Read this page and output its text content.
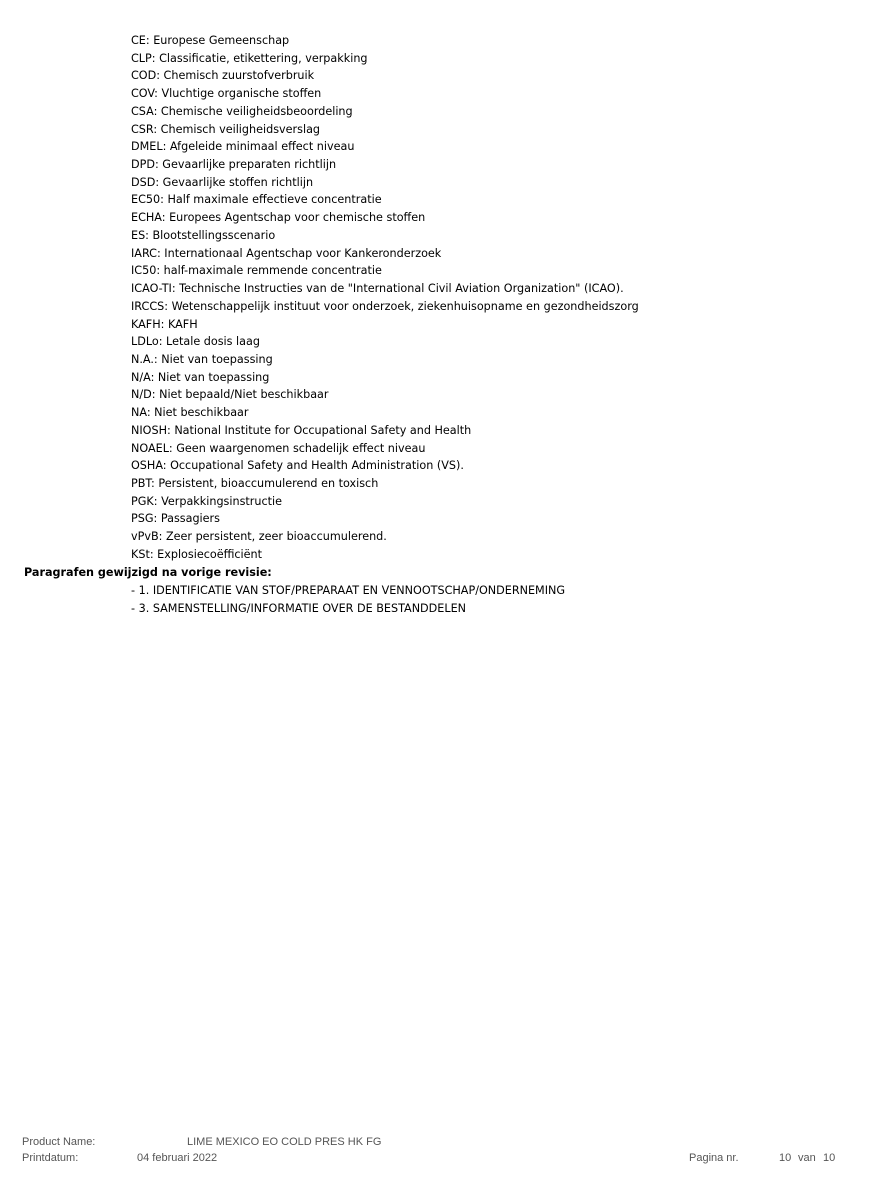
CE: Europese Gemeenschap
CLP: Classificatie, etikettering, verpakking
COD: Chemisch zuurstofverbruik
COV: Vluchtige organische stoffen
CSA: Chemische veiligheidsbeoordeling
CSR: Chemisch veiligheidsverslag
DMEL: Afgeleide minimaal effect niveau
DPD: Gevaarlijke preparaten richtlijn
DSD: Gevaarlijke stoffen richtlijn
EC50: Half maximale effectieve concentratie
ECHA: Europees Agentschap voor chemische stoffen
ES: Blootstellingsscenario
IARC: Internationaal Agentschap voor Kankeronderzoek
IC50: half-maximale remmende concentratie
ICAO-TI: Technische Instructies van de "International Civil Aviation Organization" (ICAO).
IRCCS: Wetenschappelijk instituut voor onderzoek, ziekenhuisopname en gezondheidszorg
KAFH: KAFH
LDLo: Letale dosis laag
N.A.: Niet van toepassing
N/A: Niet van toepassing
N/D: Niet bepaald/Niet beschikbaar
NA: Niet beschikbaar
NIOSH: National Institute for Occupational Safety and Health
NOAEL: Geen waargenomen schadelijk effect niveau
OSHA: Occupational Safety and Health Administration (VS).
PBT: Persistent, bioaccumulerend en toxisch
PGK: Verpakkingsinstructie
PSG: Passagiers
vPvB: Zeer persistent, zeer bioaccumulerend.
KSt: Explosiecoëfficiënt
Paragrafen gewijzigd na vorige revisie:
- 1. IDENTIFICATIE VAN STOF/PREPARAAT EN VENNOOTSCHAP/ONDERNEMING
- 3. SAMENSTELLING/INFORMATIE OVER DE BESTANDDELEN
Product Name:	LIME MEXICO EO COLD PRES HK FG
Printdatum:	04 februari 2022	Pagina nr.	10 van 10
